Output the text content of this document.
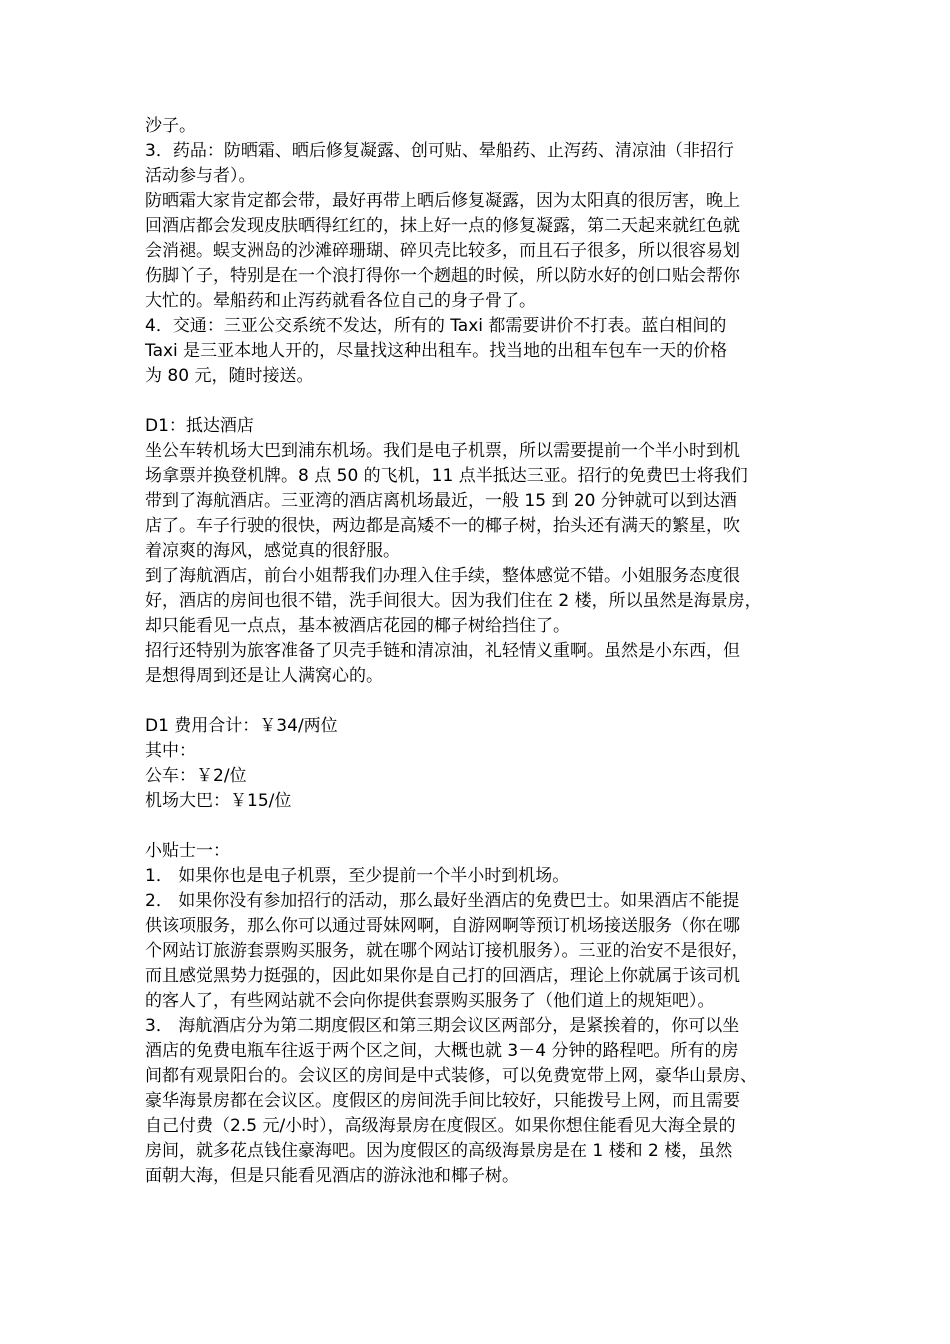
沙子。
3．药品：防晒霜、晒后修复凝露、创可贴、晕船药、止泻药、清凉油（非招行
活动参与者）。
防晒霜大家肯定都会带，最好再带上晒后修复凝露，因为太阳真的很厉害，晚上
回酒店都会发现皮肤晒得红红的，抹上好一点的修复凝露，第二天起来就红色就
会消褪。蜈支洲岛的沙滩碎珊瑚、碎贝壳比较多，而且石子很多，所以很容易划
伤脚丫子，特别是在一个浪打得你一个趔趄的时候，所以防水好的创口贴会帮你
大忙的。晕船药和止泻药就看各位自己的身子骨了。
4．交通：三亚公交系统不发达，所有的 Taxi 都需要讲价不打表。蓝白相间的
Taxi 是三亚本地人开的，尽量找这种出租车。找当地的出租车包车一天的价格
为 80 元，随时接送。
D1：抵达酒店
坐公车转机场大巴到浦东机场。我们是电子机票，所以需要提前一个半小时到机
场拿票并换登机牌。8 点 50 的飞机，11 点半抵达三亚。招行的免费巴士将我们
带到了海航酒店。三亚湾的酒店离机场最近，一般 15 到 20 分钟就可以到达酒
店了。车子行驶的很快，两边都是高矮不一的椰子树，抬头还有满天的繁星，吹
着凉爽的海风，感觉真的很舒服。
到了海航酒店，前台小姐帮我们办理入住手续，整体感觉不错。小姐服务态度很
好，酒店的房间也很不错，洗手间很大。因为我们住在 2 楼，所以虽然是海景房，
却只能看见一点点，基本被酒店花园的椰子树给挡住了。
招行还特别为旅客准备了贝壳手链和清凉油，礼轻情义重啊。虽然是小东西，但
是想得周到还是让人满窝心的。
D1 费用合计：￥34/两位
其中：
公车：￥2/位
机场大巴：￥15/位
小贴士一：
1． 如果你也是电子机票，至少提前一个半小时到机场。
2． 如果你没有参加招行的活动，那么最好坐酒店的免费巴士。如果酒店不能提
供该项服务，那么你可以通过哥妹网啊，自游网啊等预订机场接送服务（你在哪
个网站订旅游套票购买服务，就在哪个网站订接机服务）。三亚的治安不是很好，
而且感觉黑势力挺强的，因此如果你是自己打的回酒店，理论上你就属于该司机
的客人了，有些网站就不会向你提供套票购买服务了（他们道上的规矩吧）。
3． 海航酒店分为第二期度假区和第三期会议区两部分，是紧挨着的，你可以坐
酒店的免费电瓶车往返于两个区之间，大概也就 3－4 分钟的路程吧。所有的房
间都有观景阳台的。会议区的房间是中式装修，可以免费宽带上网，豪华山景房、
豪华海景房都在会议区。度假区的房间洗手间比较好，只能拨号上网，而且需要
自己付费（2.5 元/小时），高级海景房在度假区。如果你想住能看见大海全景的
房间，就多花点钱住豪海吧。因为度假区的高级海景房是在 1 楼和 2 楼，虽然
面朝大海，但是只能看见酒店的游泳池和椰子树。
